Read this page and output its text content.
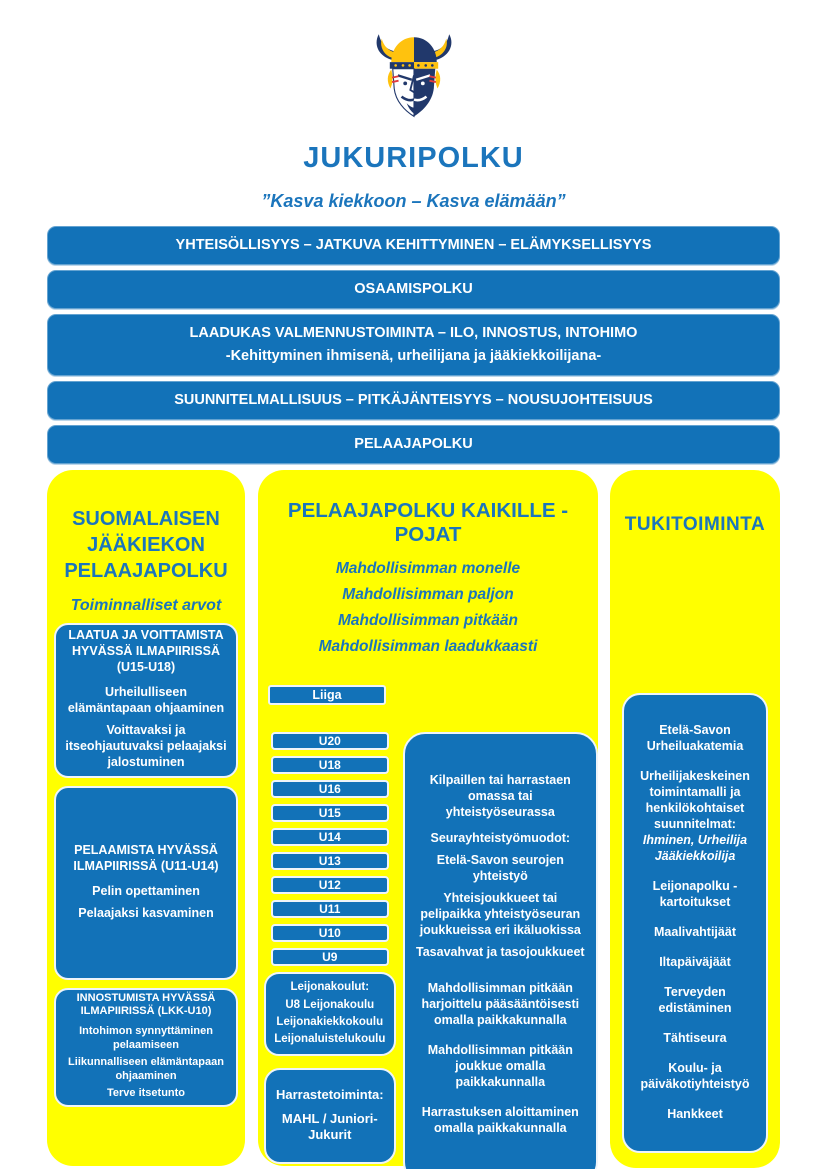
JUKURIPOLKU
”Kasva kiekkoon – Kasva elämään”
YHTEISÖLLISYYS – JATKUVA KEHITTYMINEN – ELÄMYKSELLISYYS
OSAAMISPOLKU
LAADUKAS VALMENNUSTOIMINTA – ILO, INNOSTUS, INTOHIMO
-Kehittyminen ihmisenä, urheilijana ja jääkiekkoilijana-
SUUNNITELMALLISUUS – PITKÄJÄNTEISYYS – NOUSUJOHTEISUUS
PELAAJAPOLKU
SUOMALAISEN JÄÄKIEKON PELAAJAPOLKU
Toiminnalliset arvot
LAATUA JA VOITTAMISTA HYVÄSSÄ ILMAPIIRISSÄ (U15-U18)

Urheilulliseen elämäntapaan ohjaaminen

Voittavaksi ja itseohjautuvaksi pelaajaksi jalostuminen

PELAAMISTA HYVÄSSÄ ILMAPIIRISSÄ (U11-U14)

Pelin opettaminen

Pelaajaksi kasvaminen

INNOSTUMISTA HYVÄSSÄ ILMAPIIRISSÄ (LKK-U10)

Intohimon synnyttäminen pelaamiseen

Liikunnalliseen elämäntapaan ohjaaminen

Terve itsetunto

PELAAJAPOLKU KAIKILLE - POJAT
Mahdollisimman monelle
Mahdollisimman paljon
Mahdollisimman pitkään
Mahdollisimman laadukkaasti
Liiga
U20
U18
U16
U15
U14
U13
U12
U11
U10
U9
Leijonakoulut:

U8 Leijonakoulu

Leijonakiekkokoulu

Leijonaluistelukoulu

Harrastetoiminta:

MAHL / Juniori-Jukurit

Kilpaillen tai harrastaen omassa tai yhteistyöseurassa

Seurayhteistyömuodot:

Etelä-Savon seurojen yhteistyö

Yhteisjoukkueet tai pelipaikka yhteistyöseuran joukkueissa eri ikäluokissa

Tasavahvat ja tasojoukkueet

Mahdollisimman pitkään harjoittelu pääsääntöisesti omalla paikkakunnalla

Mahdollisimman pitkään joukkue omalla paikkakunnalla

Harrastuksen aloittaminen omalla paikkakunnalla

TUKITOIMINTA
Etelä-Savon Urheiluakatemia
Urheilijakeskeinen toimintamalli ja henkilökohtaiset suunnitelmat:
Ihminen, Urheilija Jääkiekkoilija
Leijonapolku - kartoitukset
Maalivahtijäät
Iltapäiväjäät
Terveyden edistäminen
Tähtiseura
Koulu- ja päiväkotiyhteistyö
Hankkeet
